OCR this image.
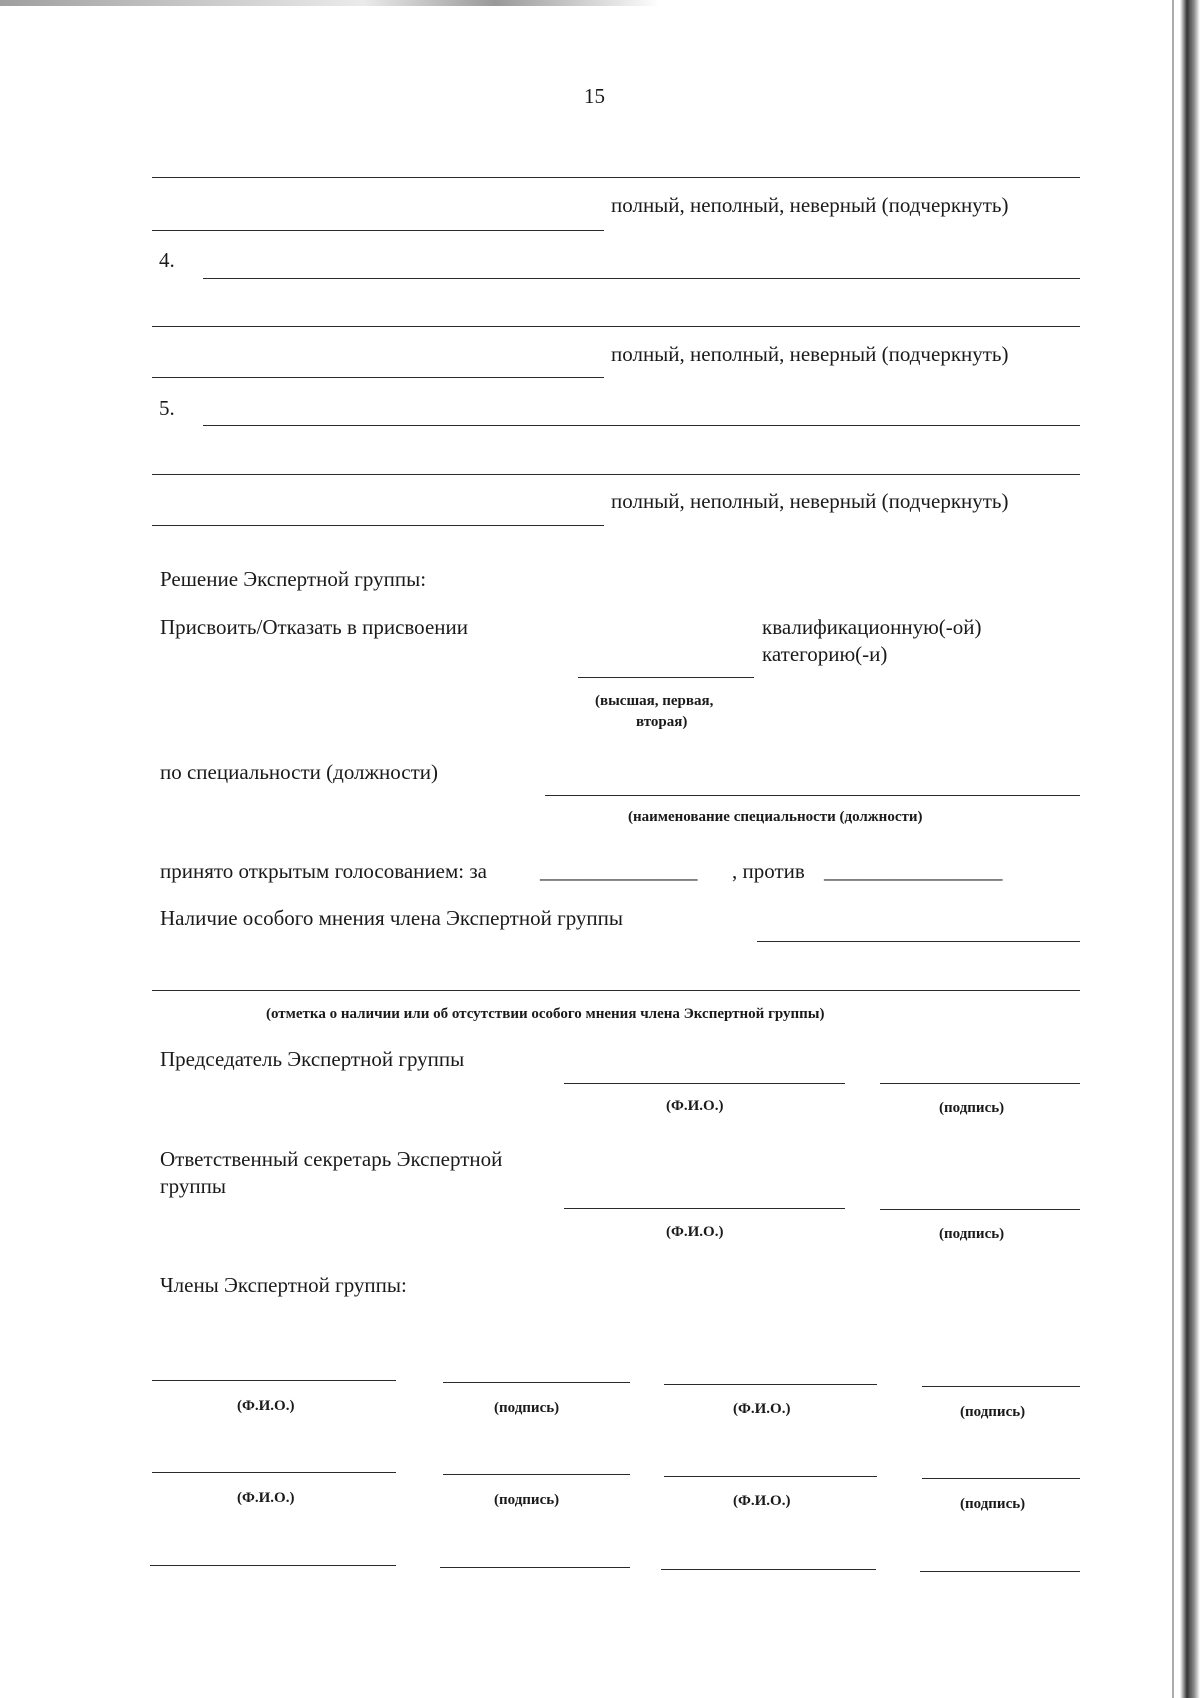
15
полный, неполный, неверный (подчеркнуть)
4.
полный, неполный, неверный (подчеркнуть)
5.
полный, неполный, неверный (подчеркнуть)
Решение Экспертной группы:
Присвоить/Отказать в присвоении	квалификационную(-ой)
категорию(-и)
(высшая, первая,
вторая)
по специальности (должности)
(наименование специальности (должности)
принято открытым голосованием: за	_______________ , против _________________
Наличие особого мнения члена Экспертной группы
(отметка о наличии или об отсутствии особого мнения члена Экспертной группы)
Председатель Экспертной группы
(Ф.И.О.)	(подпись)
Ответственный секретарь Экспертной
группы
(Ф.И.О.)	(подпись)
Члены Экспертной группы:
(Ф.И.О.)	(подпись)	(Ф.И.О.)	(подпись)
(Ф.И.О.)	(подпись)	(Ф.И.О.)	(подпись)
